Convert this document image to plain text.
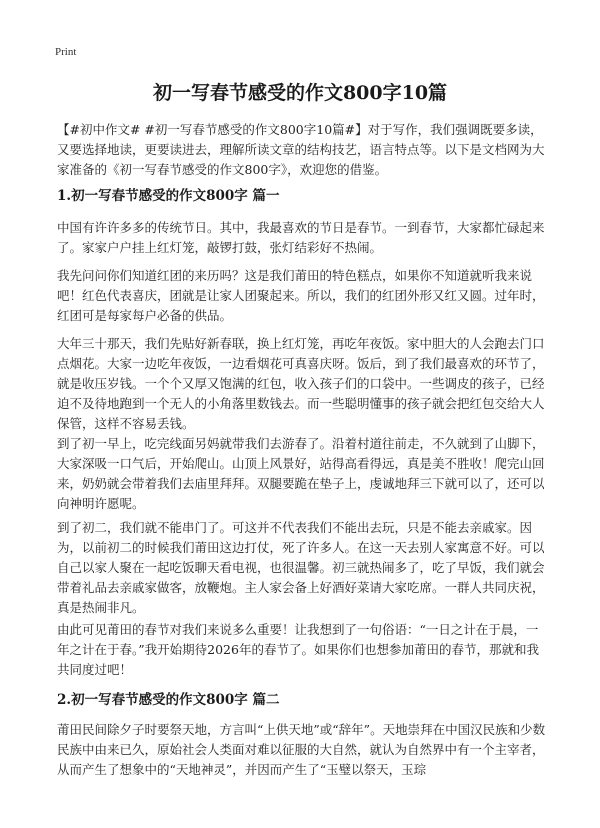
Print
初一写春节感受的作文800字10篇

【#初中作文# #初一写春节感受的作文800字10篇#】对于写作，我们强调既要多读，又要选择地读，更要读进去，理解所读文章的结构技艺，语言特点等。以下是文档网为大家准备的《初一写春节感受的作文800字》，欢迎您的借鉴。

1.初一写春节感受的作文800字 篇一

中国有许许多多的传统节日。其中，我最喜欢的节日是春节。一到春节，大家都忙碌起来了。家家户户挂上红灯笼，敲锣打鼓，张灯结彩好不热闹。

我先问问你们知道红团的来历吗？这是我们莆田的特色糕点，如果你不知道就听我来说吧！红色代表喜庆，团就是让家人团聚起来。所以，我们的红团外形又红又圆。过年时，红团可是每家每户必备的供品。

大年三十那天，我们先贴好新春联，换上红灯笼，再吃年夜饭。家中胆大的人会跑去门口点烟花。大家一边吃年夜饭，一边看烟花可真喜庆呀。饭后，到了我们最喜欢的环节了，就是收压岁钱。一个个又厚又饱满的红包，收入孩子们的口袋中。一些调皮的孩子，已经迫不及待地跑到一个无人的小角落里数钱去。而一些聪明懂事的孩子就会把红包交给大人保管，这样不容易丢钱。

到了初一早上，吃完线面另妈就带我们去游春了。沿着村道往前走，不久就到了山脚下，大家深吸一口气后，开始爬山。山顶上风景好，站得高看得远，真是美不胜收！爬完山回来，奶奶就会带着我们去庙里拜拜。双腿要跪在垫子上，虔诚地拜三下就可以了，还可以向神明许愿呢。

到了初二，我们就不能串门了。可这并不代表我们不能出去玩，只是不能去亲戚家。因为，以前初二的时候我们莆田这边打仗，死了许多人。在这一天去别人家寓意不好。可以自己以家人聚在一起吃饭聊天看电视，也很温馨。初三就热闹多了，吃了早饭，我们就会带着礼品去亲戚家做客，放鞭炮。主人家会备上好酒好菜请大家吃席。一群人共同庆祝，真是热闹非凡。

由此可见莆田的春节对我们来说多么重要！让我想到了一句俗语：“一日之计在于晨，一年之计在于春。”我开始期待2026年的春节了。如果你们也想参加莆田的春节，那就和我共同度过吧！

2.初一写春节感受的作文800字 篇二

莆田民间除夕子时要祭天地，方言叫“上供天地”或“辞年”。天地崇拜在中国汉民族和少数民族中由来已久，原始社会人类面对难以征服的大自然，就认为自然界中有一个主宰者，从而产生了想象中的“天地神灵”，并因而产生了“玉璧以祭天，玉琮
